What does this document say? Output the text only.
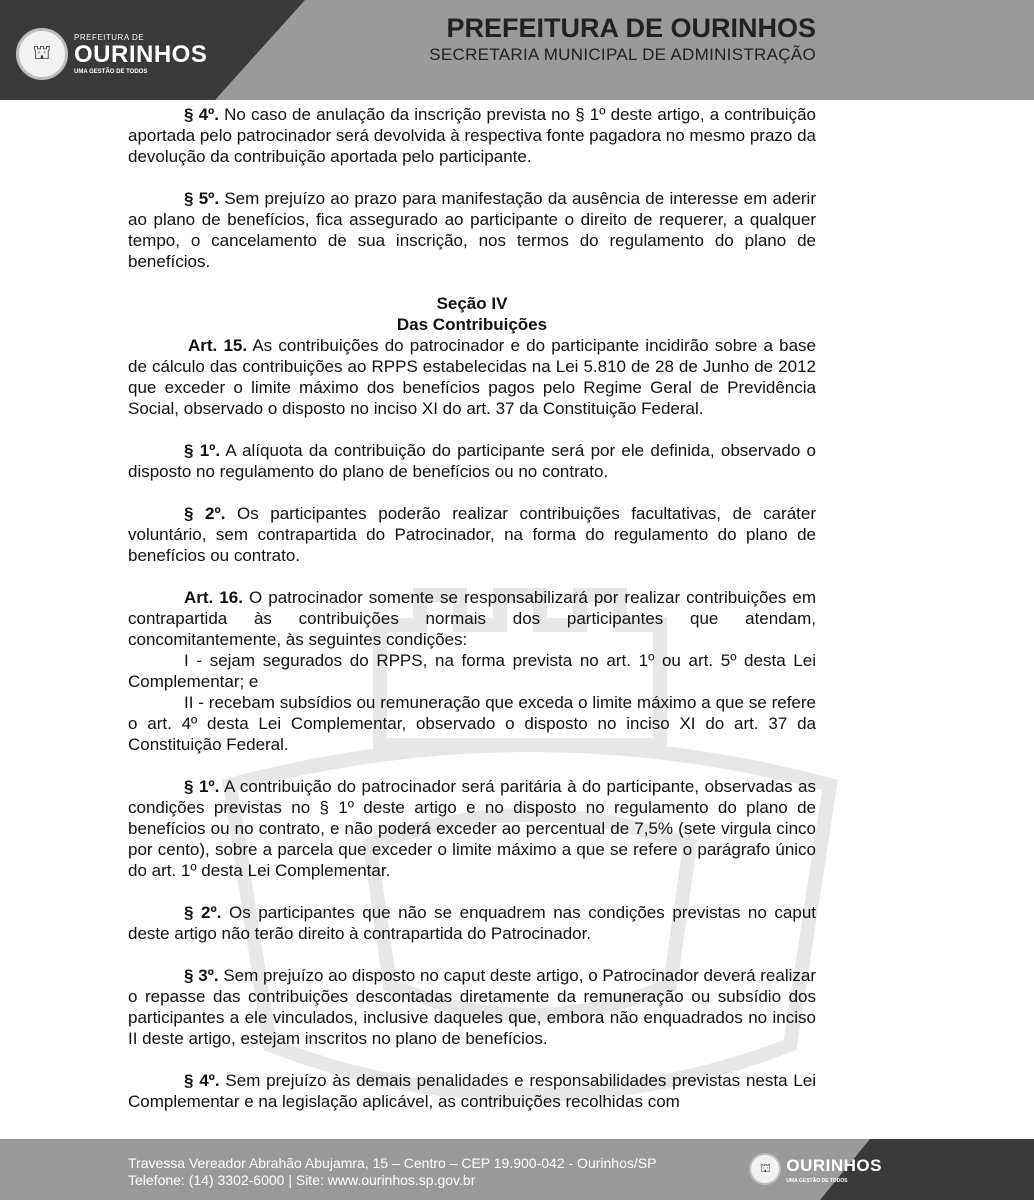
⛫
PREFEITURA DE
OURINHOS
UMA GESTÃO DE TODOS
PREFEITURA DE OURINHOS
SECRETARIA MUNICIPAL DE ADMINISTRAÇÃO

§ 4º. No caso de anulação da inscrição prevista no § 1º deste artigo, a contribuição aportada pelo patrocinador será devolvida à respectiva fonte pagadora no mesmo prazo da devolução da contribuição aportada pelo participante.

§ 5º. Sem prejuízo ao prazo para manifestação da ausência de interesse em aderir ao plano de benefícios, fica assegurado ao participante o direito de requerer, a qualquer tempo, o cancelamento de sua inscrição, nos termos do regulamento do plano de benefícios.

Seção IV

Das Contribuições

Art. 15. As contribuições do patrocinador e do participante incidirão sobre a base de cálculo das contribuições ao RPPS estabelecidas na Lei 5.810 de 28 de Junho de 2012 que exceder o limite máximo dos benefícios pagos pelo Regime Geral de Previdência Social, observado o disposto no inciso XI do art. 37 da Constituição Federal.

§ 1º. A alíquota da contribuição do participante será por ele definida, observado o disposto no regulamento do plano de benefícios ou no contrato.

§ 2º. Os participantes poderão realizar contribuições facultativas, de caráter voluntário, sem contrapartida do Patrocinador, na forma do regulamento do plano de benefícios ou contrato.

Art. 16. O patrocinador somente se responsabilizará por realizar contribuições em contrapartida às contribuições normais dos participantes que atendam, concomitantemente, às seguintes condições:

I - sejam segurados do RPPS, na forma prevista no art. 1º ou art. 5º desta Lei Complementar; e

II - recebam subsídios ou remuneração que exceda o limite máximo a que se refere o art. 4º desta Lei Complementar, observado o disposto no inciso XI do art. 37 da Constituição Federal.

§ 1º. A contribuição do patrocinador será paritária à do participante, observadas as condições previstas no § 1º deste artigo e no disposto no regulamento do plano de benefícios ou no contrato, e não poderá exceder ao percentual de 7,5% (sete virgula cinco por cento), sobre a parcela que exceder o limite máximo a que se refere o parágrafo único do art. 1º desta Lei Complementar.

§ 2º. Os participantes que não se enquadrem nas condições previstas no caput deste artigo não terão direito à contrapartida do Patrocinador.

§ 3º. Sem prejuízo ao disposto no caput deste artigo, o Patrocinador deverá realizar o repasse das contribuições descontadas diretamente da remuneração ou subsídio dos participantes a ele vinculados, inclusive daqueles que, embora não enquadrados no inciso II deste artigo, estejam inscritos no plano de benefícios.

§ 4º. Sem prejuízo às demais penalidades e responsabilidades previstas nesta Lei Complementar e na legislação aplicável, as contribuições recolhidas com

Travessa Vereador Abrahão Abujamra, 15 – Centro – CEP 19.900-042 - Ourinhos/SP
Telefone: (14) 3302-6000 | Site: www.ourinhos.sp.gov.br
⛫ OURINHOS
UMA GESTÃO DE TODOS
